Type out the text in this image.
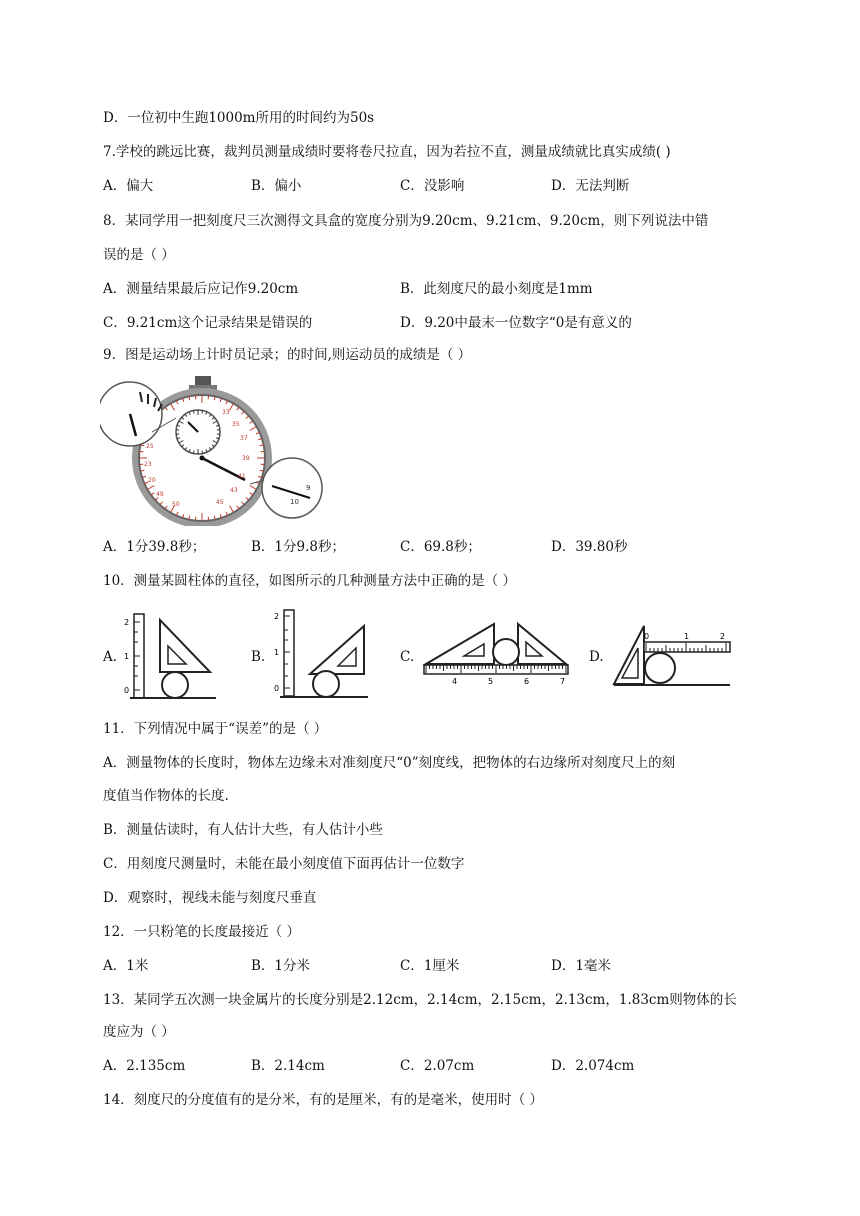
D．一位初中生跑1000m所用的时间约为50s
7.学校的跳远比赛，裁判员测量成绩时要将卷尺拉直，因为若拉不直，测量成绩就比真实成绩( )
A．偏大	B．偏小	C．没影响	D．无法判断
8．某同学用一把刻度尺三次测得文具盒的宽度分别为9.20cm、9.21cm、9.20cm，则下列说法中错
误的是（ ）
A．测量结果最后应记作9.20cm	B．此刻度尺的最小刻度是1mm
C．9.21cm这个记录结果是错误的	D．9.20中最末一位数字“0是有意义的
9．图是运动场上计时员记录；的时间,则运动员的成绩是（ ）
33
35
37
39
41
43
45
25
23
20
49
50
9
10
A．1分39.8秒；	B．1分9.8秒；	C．69.8秒；	D．39.80秒
10．测量某圆柱体的直径，如图所示的几种测量方法中正确的是（ ）
A.
2
1
0
B.
2
1
0
C.
4	5	6	7
D.
0	1	2
11．下列情况中属于“误差”的是（ ）
A．测量物体的长度时，物体左边缘未对准刻度尺“0”刻度线，把物体的右边缘所对刻度尺上的刻
度值当作物体的长度.
B．测量估读时，有人估计大些，有人估计小些
C．用刻度尺测量时，未能在最小刻度值下面再估计一位数字
D．观察时，视线未能与刻度尺垂直
12．一只粉笔的长度最接近（ ）
A．1米	B．1分米	C．1厘米	D．1毫米
13．某同学五次测一块金属片的长度分别是2.12cm，2.14cm，2.15cm，2.13cm，1.83cm则物体的长
度应为（ ）
A．2.135cm	B．2.14cm	C．2.07cm	D．2.074cm
14．刻度尺的分度值有的是分米，有的是厘米，有的是毫米，使用时（ ）
